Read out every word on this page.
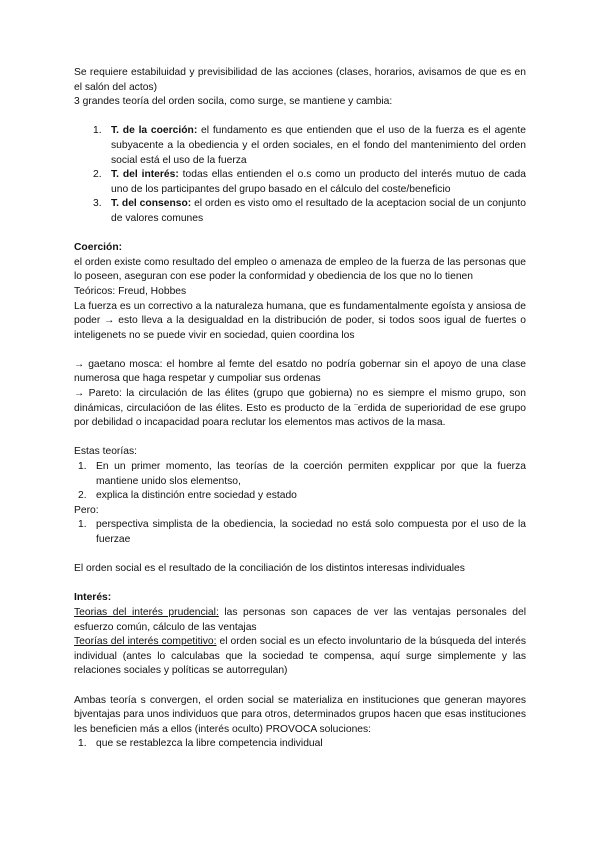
Se requiere estabiluidad y previsibilidad de las acciones (clases, horarios, avisamos de que es en el salón del actos)

3 grandes teoría del orden socila, como surge, se mantiene y cambia:

1. T. de la coerción: el fundamento es que entienden que el uso de la fuerza es el agente subyacente a la obediencia y el orden sociales, en el fondo del mantenimiento del orden social está el uso de la fuerza
2. T. del interés: todas ellas entienden el o.s como un producto del interés mutuo de cada uno de los participantes del grupo basado en el cálculo del coste/beneficio
3. T. del consenso: el orden es visto omo el resultado de la aceptacion social de un conjunto de valores comunes

Coerción:

el orden existe como resultado del empleo o amenaza de empleo de la fuerza de las personas que lo poseen, aseguran con ese poder la conformidad y obediencia de los que no lo tienen

Teóricos: Freud, Hobbes

La fuerza es un correctivo a la naturaleza humana, que es fundamentalmente egoísta y ansiosa de poder → esto lleva a la desigualdad en la distribución de poder, si todos soos igual de fuertes o inteligenets no se puede vivir en sociedad, quien coordina los

→ gaetano mosca: el hombre al femte del esatdo no podría gobernar sin el apoyo de una clase numerosa que haga respetar y cumpoliar sus ordenas

→ Pareto: la circulación de las élites (grupo que gobierna) no es siempre el mismo grupo, son dinámicas, circulacióon de las élites. Esto es producto de la ¨erdida de superioridad de ese grupo por debilidad o incapacidad poara reclutar los elementos mas activos de la masa.

Estas teorías:

1. En un primer momento, las teorías de la coerción permiten expplicar por que la fuerza mantiene unido slos elementso,
2. explica la distinción entre sociedad y estado

Pero:

1. perspectiva simplista de la obediencia, la sociedad no está solo compuesta por el uso de la fuerzae

El orden social es el resultado de la conciliación de los distintos interesas individuales

Interés:

Teorias del interés prudencial: las personas son capaces de ver las ventajas personales del esfuerzo común, cálculo de las ventajas

Teorías del interés competitivo: el orden social es un efecto involuntario de la búsqueda del interés individual (antes lo calculabas que la sociedad te compensa, aquí surge simplemente y las relaciones sociales y políticas se autorregulan)

Ambas teoría s convergen, el orden social se materializa en instituciones que generan mayores bjventajas para unos individuos que para otros, determinados grupos hacen que esas instituciones les beneficien más a ellos (interés oculto) PROVOCA soluciones:

1. que se restablezca la libre competencia individual
